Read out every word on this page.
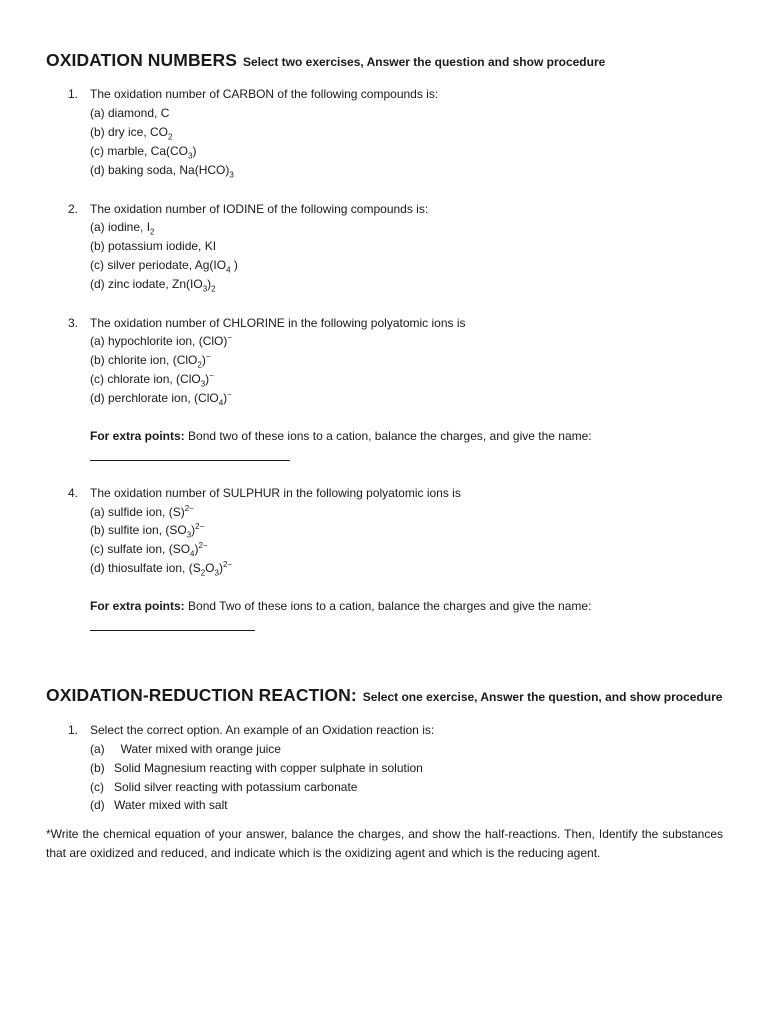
OXIDATION NUMBERS Select two exercises, Answer the question and show procedure
1. The oxidation number of CARBON of the following compounds is:
(a) diamond, C
(b) dry ice, $CO_2$
(c) marble, $Ca(CO_3)$
(d) baking soda, $Na(HCO)_3$
2. The oxidation number of IODINE of the following compounds is:
(a) iodine, $I_2$
(b) potassium iodide, KI
(c) silver periodate, $Ag(IO_4$ )
(d) zinc iodate, $Zn(IO_3)_2$
3. The oxidation number of CHLORINE in the following polyatomic ions is
(a) hypochlorite ion, (ClO)−
(b) chlorite ion, (ClO$_2$)−
(c) chlorate ion, (ClO$_3$)−
(d) perchlorate ion, (ClO$_4$)−
For extra points: Bond two of these ions to a cation, balance the charges, and give the name:
4. The oxidation number of SULPHUR in the following polyatomic ions is
(a) sulfide ion, $(S)^{2-}$
(b) sulfite ion, $(SO_3)^{2-}$
(c) sulfate ion, $(SO_4)^{2-}$
(d) thiosulfate ion, $(S_2O_3)^{2-}$
For extra points: Bond Two of these ions to a cation, balance the charges and give the name:
OXIDATION-REDUCTION REACTION: Select one exercise, Answer the question, and show procedure
1. Select the correct option. An example of an Oxidation reaction is:
(a)  Water mixed with orange juice
(b) Solid Magnesium reacting with copper sulphate in solution
(c) Solid silver reacting with potassium carbonate
(d) Water mixed with salt
*Write the chemical equation of your answer, balance the charges, and show the half-reactions. Then, Identify the substances that are oxidized and reduced, and indicate which is the oxidizing agent and which is the reducing agent.
